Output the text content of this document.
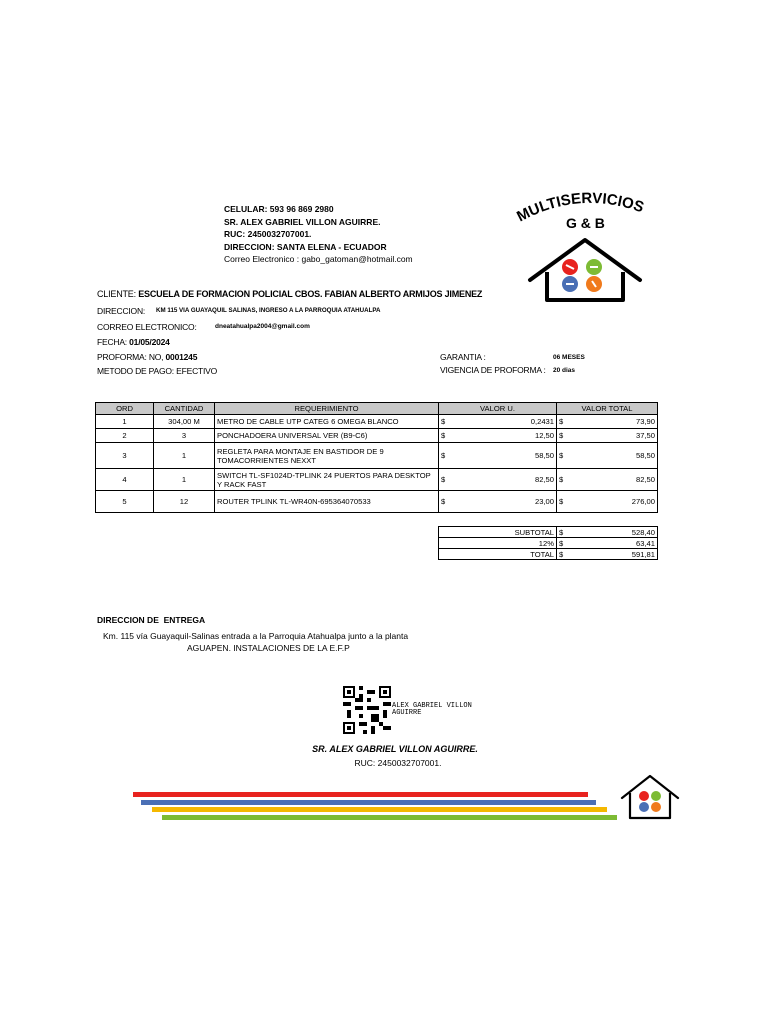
CELULAR: 593 96 869 2980
SR. ALEX GABRIEL VILLON AGUIRRE.
RUC: 2450032707001.
DIRECCION: SANTA ELENA - ECUADOR
Correo Electronico : gabo_gatoman@hotmail.com
MULTISERVICIOS
G & B
CLIENTE: ESCUELA DE FORMACION POLICIAL CBOS. FABIAN ALBERTO ARMIJOS JIMENEZ
DIRECCION: KM 115 VIA GUAYAQUIL SALINAS, INGRESO A LA PARROQUIA ATAHUALPA
CORREO ELECTRONICO:	dneatahualpa2004@gmail.com
FECHA: 01/05/2024
PROFORMA: NO, 0001245
METODO DE PAGO: EFECTIVO
GARANTIA :	06 MESES
VIGENCIA DE PROFORMA : 20 dias
ORD	CANTIDAD	REQUERIMIENTO	VALOR U.	VALOR TOTAL
1	304,00 M	METRO DE CABLE UTP CATEG 6 OMEGA BLANCO	$ 0,2431	$ 73,90

2	3	PONCHADOERA UNIVERSAL VER (B9-C6)	$ 12,50	$ 37,50

3	1	REGLETA PARA MONTAJE EN BASTIDOR DE 9 TOMACORRIENTES NEXXT	$ 58,50	$ 58,50

4	1	SWITCH TL-SF1024D-TPLINK 24 PUERTOS PARA DESKTOP Y RACK FAST	$ 82,50	$ 82,50

5	12	ROUTER TPLINK TL-WR40N-695364070533	$ 23,00	$ 276,00
SUBTOTAL	$ 528,40

12%	$ 63,41

TOTAL	$ 591,81
DIRECCION DE  ENTREGA
Km. 115 vía Guayaquil-Salinas entrada a la Parroquia Atahualpa junto a la planta
AGUAPEN. INSTALACIONES DE LA E.F.P
ALEX GABRIEL VILLON AGUIRRE
SR. ALEX GABRIEL VILLON AGUIRRE.
RUC: 2450032707001.
